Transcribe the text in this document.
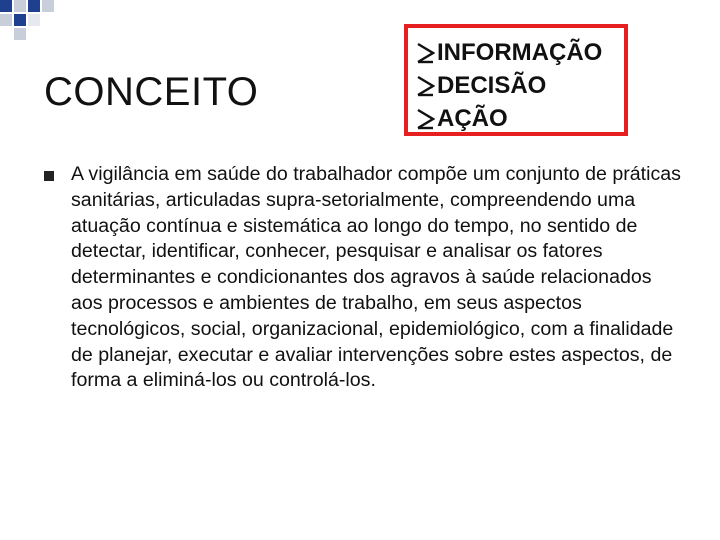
CONCEITO
INFORMAÇÃO
DECISÃO
AÇÃO
A vigilância em saúde do trabalhador compõe um conjunto de práticas sanitárias, articuladas supra-setorialmente, compreendendo uma atuação contínua e sistemática ao longo do tempo, no sentido de detectar, identificar, conhecer, pesquisar e analisar os fatores determinantes e condicionantes dos agravos à saúde relacionados aos processos e ambientes de trabalho, em seus aspectos tecnológicos, social, organizacional, epidemiológico, com a finalidade de planejar, executar e avaliar intervenções sobre estes aspectos, de forma a eliminá-los ou controlá-los.
